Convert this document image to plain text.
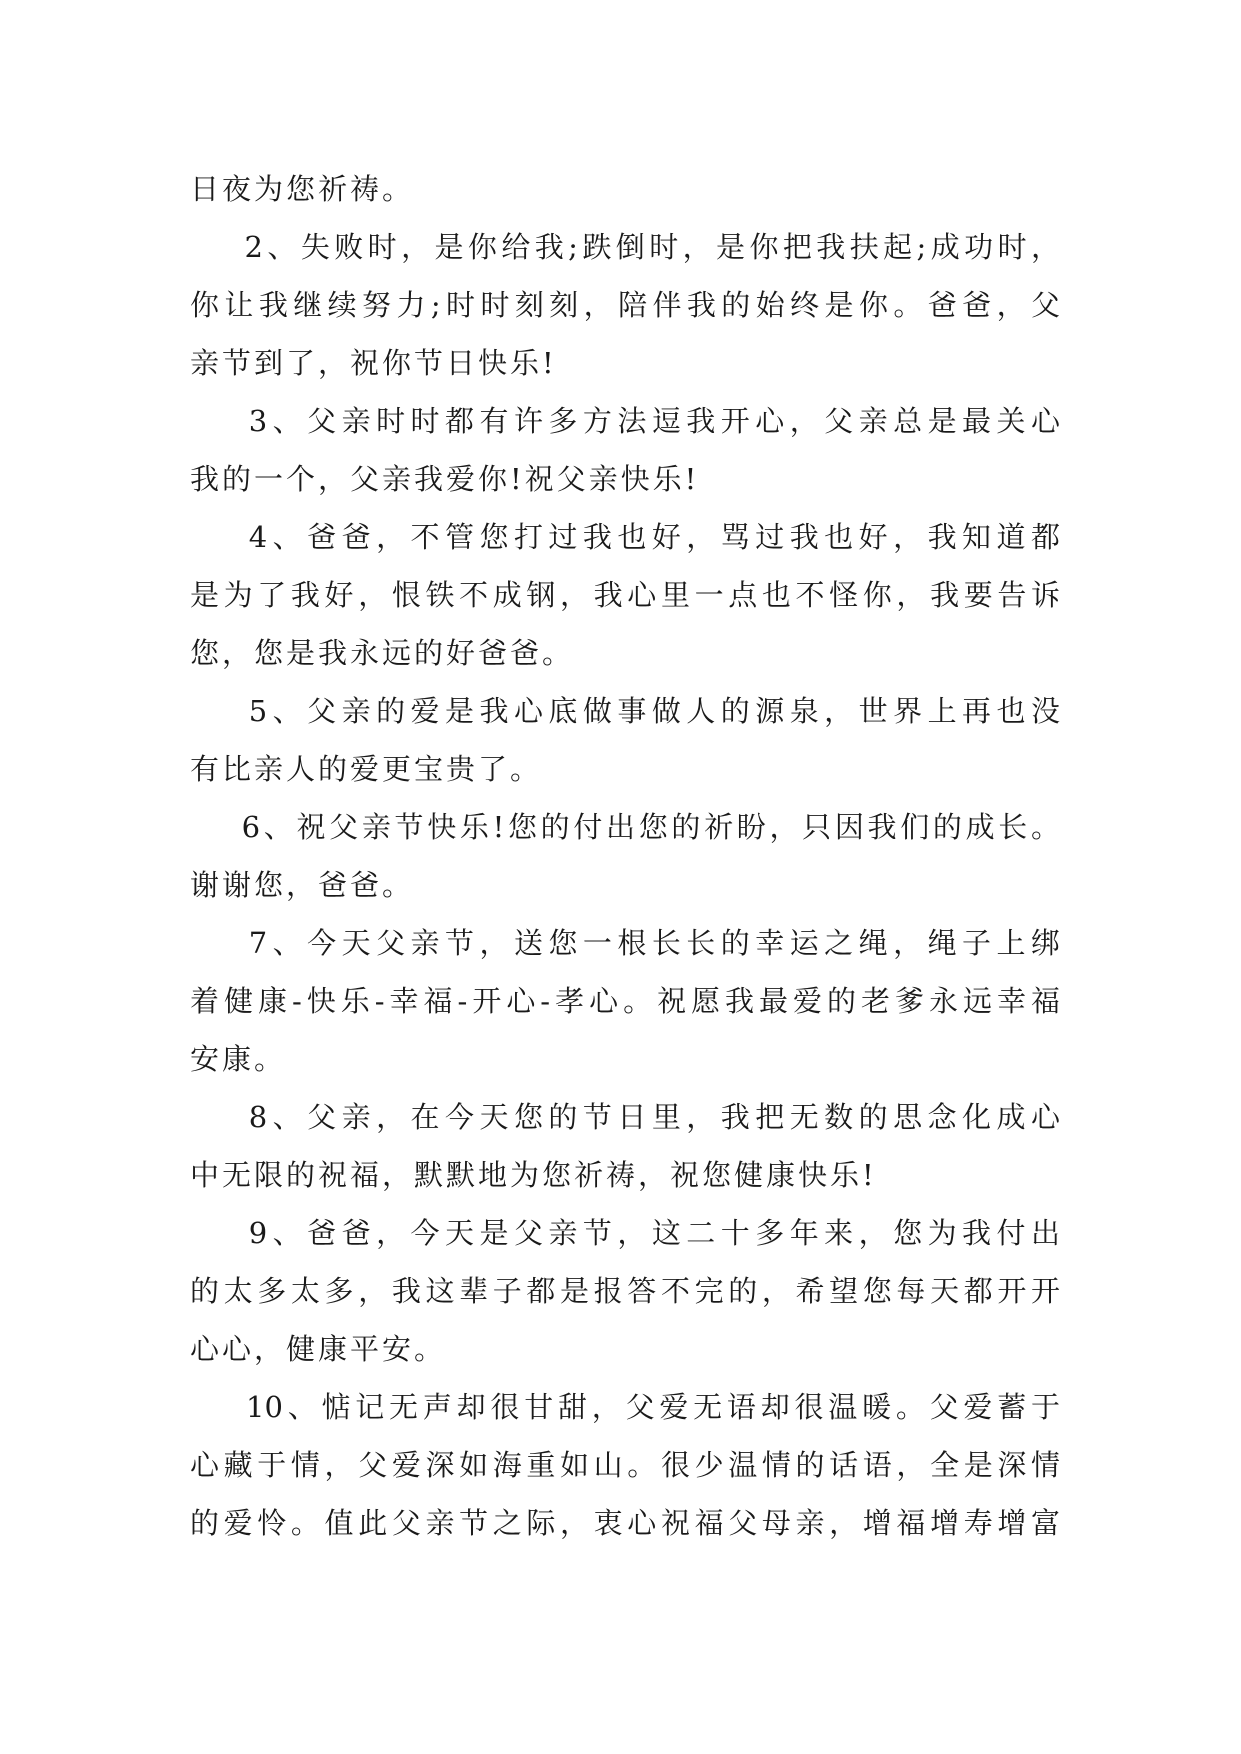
日夜为您祈祷。
2、失败时，是你给我;跌倒时，是你把我扶起;成功时，
你让我继续努力;时时刻刻，陪伴我的始终是你。爸爸，父
亲节到了，祝你节日快乐!
3、父亲时时都有许多方法逗我开心，父亲总是最关心
我的一个，父亲我爱你!祝父亲快乐!
4、爸爸，不管您打过我也好，骂过我也好，我知道都
是为了我好，恨铁不成钢，我心里一点也不怪你，我要告诉
您，您是我永远的好爸爸。
5、父亲的爱是我心底做事做人的源泉，世界上再也没
有比亲人的爱更宝贵了。
6、祝父亲节快乐!您的付出您的祈盼，只因我们的成长。
谢谢您，爸爸。
7、今天父亲节，送您一根长长的幸运之绳，绳子上绑
着健康-快乐-幸福-开心-孝心。祝愿我最爱的老爹永远幸福
安康。
8、父亲，在今天您的节日里，我把无数的思念化成心
中无限的祝福，默默地为您祈祷，祝您健康快乐!
9、爸爸，今天是父亲节，这二十多年来，您为我付出
的太多太多，我这辈子都是报答不完的，希望您每天都开开
心心，健康平安。
10、惦记无声却很甘甜，父爱无语却很温暖。父爱蓄于
心藏于情，父爱深如海重如山。很少温情的话语，全是深情
的爱怜。值此父亲节之际，衷心祝福父母亲，增福增寿增富
